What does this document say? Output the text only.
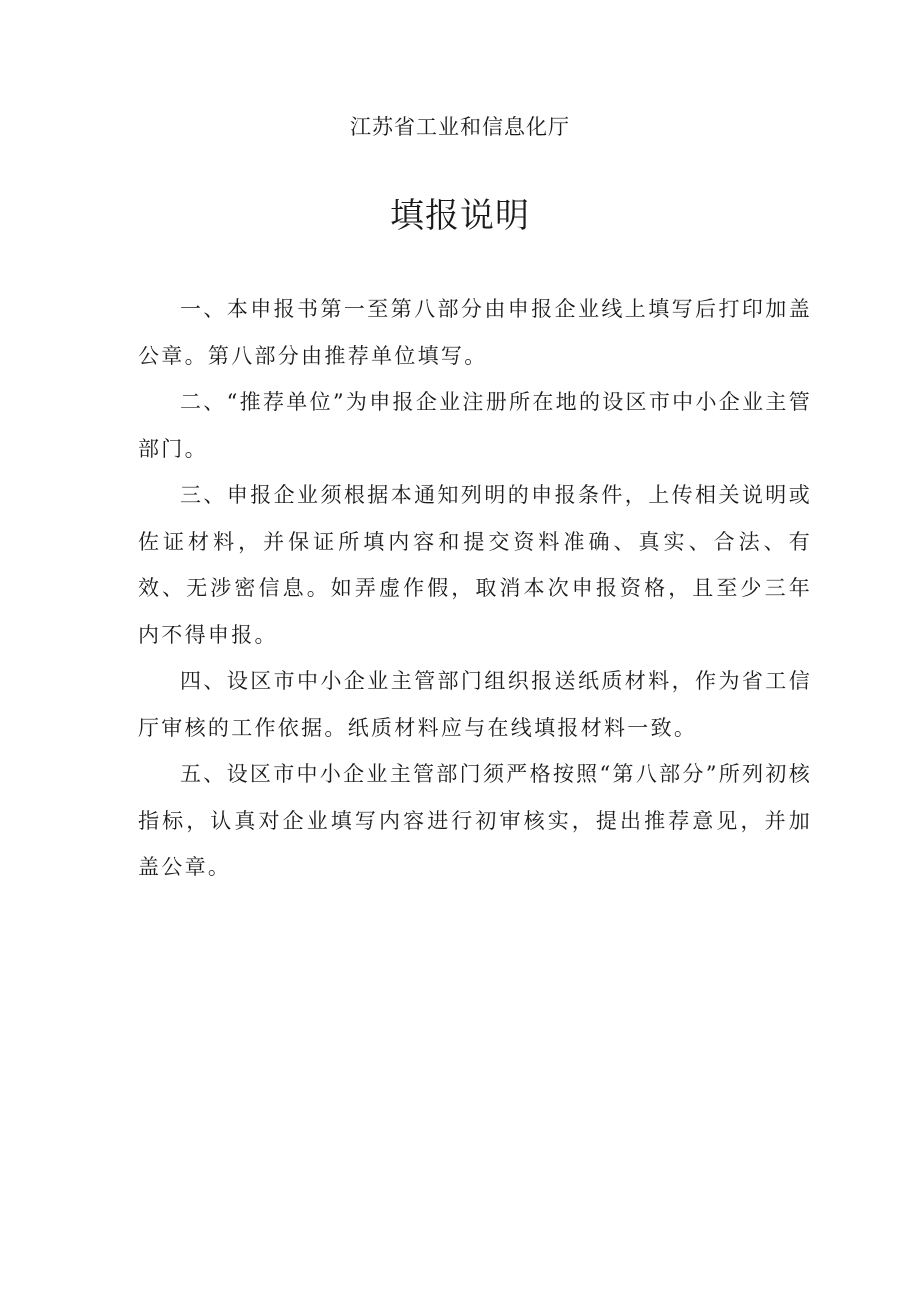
江苏省工业和信息化厅
填报说明

一、本申报书第一至第八部分由申报企业线上填写后打印加盖公章。第八部分由推荐单位填写。

二、“推荐单位”为申报企业注册所在地的设区市中小企业主管部门。

三、申报企业须根据本通知列明的申报条件，上传相关说明或佐证材料，并保证所填内容和提交资料准确、真实、合法、有效、无涉密信息。如弄虚作假，取消本次申报资格，且至少三年内不得申报。

四、设区市中小企业主管部门组织报送纸质材料，作为省工信厅审核的工作依据。纸质材料应与在线填报材料一致。

五、设区市中小企业主管部门须严格按照“第八部分”所列初核指标，认真对企业填写内容进行初审核实，提出推荐意见，并加盖公章。
